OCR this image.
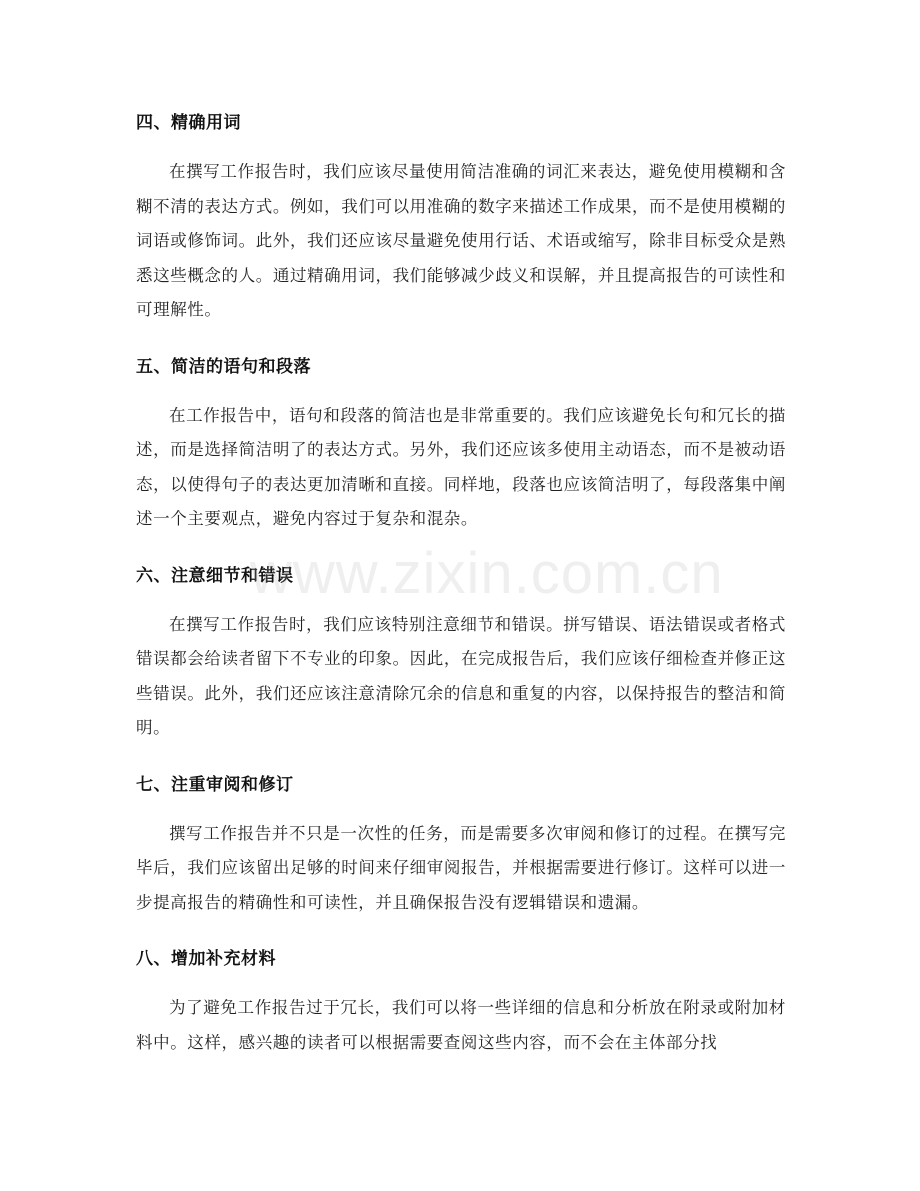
四、精确用词

在撰写工作报告时，我们应该尽量使用简洁准确的词汇来表达，避免使用模糊和含糊不清的表达方式。例如，我们可以用准确的数字来描述工作成果，而不是使用模糊的词语或修饰词。此外，我们还应该尽量避免使用行话、术语或缩写，除非目标受众是熟悉这些概念的人。通过精确用词，我们能够减少歧义和误解，并且提高报告的可读性和可理解性。

五、简洁的语句和段落

在工作报告中，语句和段落的简洁也是非常重要的。我们应该避免长句和冗长的描述，而是选择简洁明了的表达方式。另外，我们还应该多使用主动语态，而不是被动语态，以使得句子的表达更加清晰和直接。同样地，段落也应该简洁明了，每段落集中阐述一个主要观点，避免内容过于复杂和混杂。

六、注意细节和错误

在撰写工作报告时，我们应该特别注意细节和错误。拼写错误、语法错误或者格式错误都会给读者留下不专业的印象。因此，在完成报告后，我们应该仔细检查并修正这些错误。此外，我们还应该注意清除冗余的信息和重复的内容，以保持报告的整洁和简明。

七、注重审阅和修订

撰写工作报告并不只是一次性的任务，而是需要多次审阅和修订的过程。在撰写完毕后，我们应该留出足够的时间来仔细审阅报告，并根据需要进行修订。这样可以进一步提高报告的精确性和可读性，并且确保报告没有逻辑错误和遗漏。

八、增加补充材料

为了避免工作报告过于冗长，我们可以将一些详细的信息和分析放在附录或附加材料中。这样，感兴趣的读者可以根据需要查阅这些内容，而不会在主体部分找

www.zixin.com.cn
